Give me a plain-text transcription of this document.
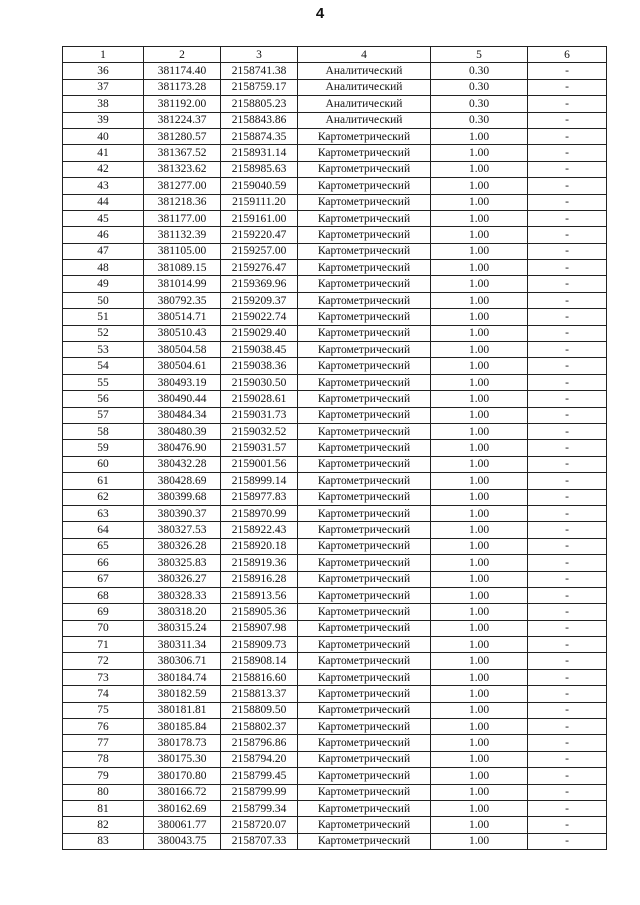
4
1	2	3	4	5	6
36	381174.40	2158741.38	Аналитический	0.30	-
37	381173.28	2158759.17	Аналитический	0.30	-
38	381192.00	2158805.23	Аналитический	0.30	-
39	381224.37	2158843.86	Аналитический	0.30	-
40	381280.57	2158874.35	Картометрический	1.00	-
41	381367.52	2158931.14	Картометрический	1.00	-
42	381323.62	2158985.63	Картометрический	1.00	-
43	381277.00	2159040.59	Картометрический	1.00	-
44	381218.36	2159111.20	Картометрический	1.00	-
45	381177.00	2159161.00	Картометрический	1.00	-
46	381132.39	2159220.47	Картометрический	1.00	-
47	381105.00	2159257.00	Картометрический	1.00	-
48	381089.15	2159276.47	Картометрический	1.00	-
49	381014.99	2159369.96	Картометрический	1.00	-
50	380792.35	2159209.37	Картометрический	1.00	-
51	380514.71	2159022.74	Картометрический	1.00	-
52	380510.43	2159029.40	Картометрический	1.00	-
53	380504.58	2159038.45	Картометрический	1.00	-
54	380504.61	2159038.36	Картометрический	1.00	-
55	380493.19	2159030.50	Картометрический	1.00	-
56	380490.44	2159028.61	Картометрический	1.00	-
57	380484.34	2159031.73	Картометрический	1.00	-
58	380480.39	2159032.52	Картометрический	1.00	-
59	380476.90	2159031.57	Картометрический	1.00	-
60	380432.28	2159001.56	Картометрический	1.00	-
61	380428.69	2158999.14	Картометрический	1.00	-
62	380399.68	2158977.83	Картометрический	1.00	-
63	380390.37	2158970.99	Картометрический	1.00	-
64	380327.53	2158922.43	Картометрический	1.00	-
65	380326.28	2158920.18	Картометрический	1.00	-
66	380325.83	2158919.36	Картометрический	1.00	-
67	380326.27	2158916.28	Картометрический	1.00	-
68	380328.33	2158913.56	Картометрический	1.00	-
69	380318.20	2158905.36	Картометрический	1.00	-
70	380315.24	2158907.98	Картометрический	1.00	-
71	380311.34	2158909.73	Картометрический	1.00	-
72	380306.71	2158908.14	Картометрический	1.00	-
73	380184.74	2158816.60	Картометрический	1.00	-
74	380182.59	2158813.37	Картометрический	1.00	-
75	380181.81	2158809.50	Картометрический	1.00	-
76	380185.84	2158802.37	Картометрический	1.00	-
77	380178.73	2158796.86	Картометрический	1.00	-
78	380175.30	2158794.20	Картометрический	1.00	-
79	380170.80	2158799.45	Картометрический	1.00	-
80	380166.72	2158799.99	Картометрический	1.00	-
81	380162.69	2158799.34	Картометрический	1.00	-
82	380061.77	2158720.07	Картометрический	1.00	-
83	380043.75	2158707.33	Картометрический	1.00	-
